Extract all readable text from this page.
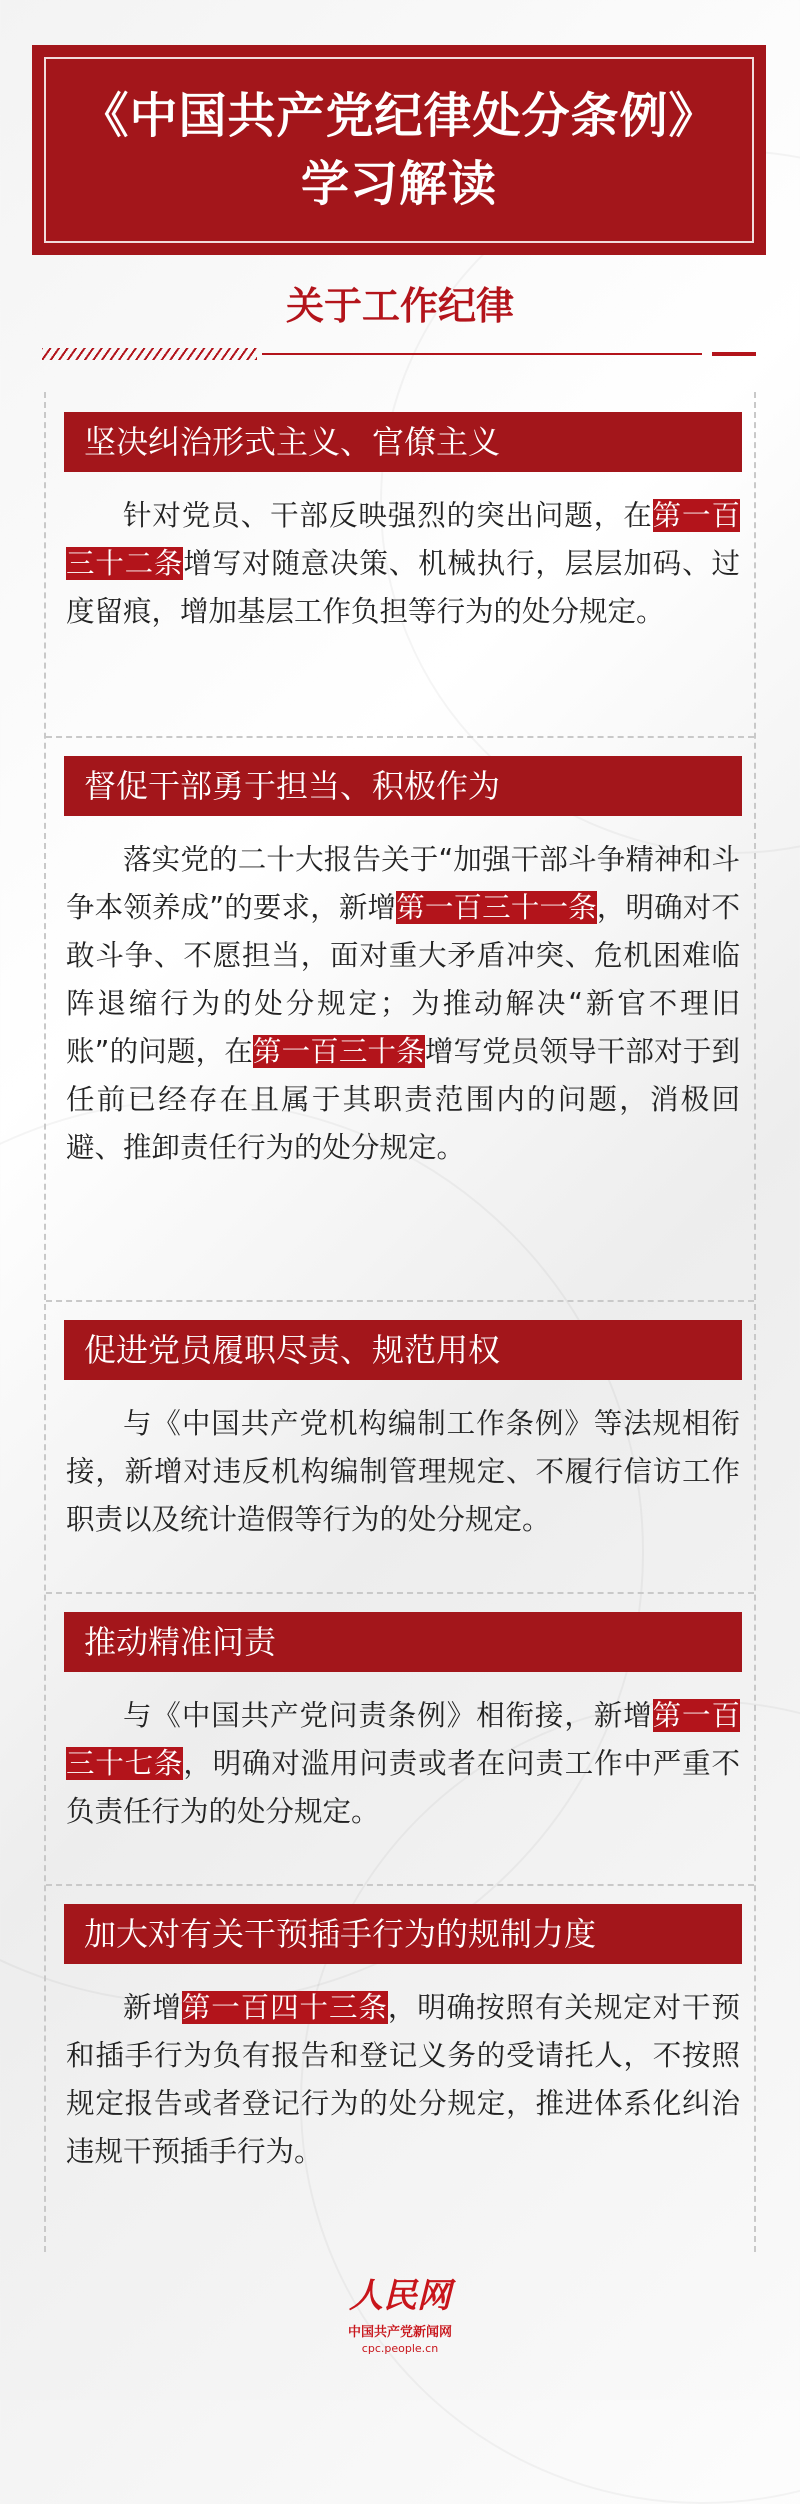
《中国共产党纪律处分条例》
学习解读
关于工作纪律
坚决纠治形式主义、官僚主义
针对党员、干部反映强烈的突出问题，在第一百三十二条增写对随意决策、机械执行，层层加码、过度留痕，增加基层工作负担等行为的处分规定。
督促干部勇于担当、积极作为
落实党的二十大报告关于“加强干部斗争精神和斗争本领养成”的要求，新增第一百三十一条，明确对不敢斗争、不愿担当，面对重大矛盾冲突、危机困难临阵退缩行为的处分规定；为推动解决“新官不理旧账”的问题，在第一百三十条增写党员领导干部对于到任前已经存在且属于其职责范围内的问题，消极回避、推卸责任行为的处分规定。
促进党员履职尽责、规范用权
与《中国共产党机构编制工作条例》等法规相衔接，新增对违反机构编制管理规定、不履行信访工作职责以及统计造假等行为的处分规定。
推动精准问责
与《中国共产党问责条例》相衔接，新增第一百三十七条，明确对滥用问责或者在问责工作中严重不负责任行为的处分规定。
加大对有关干预插手行为的规制力度
新增第一百四十三条，明确按照有关规定对干预和插手行为负有报告和登记义务的受请托人，不按照规定报告或者登记行为的处分规定，推进体系化纠治违规干预插手行为。
人民网
中国共产党新闻网
cpc.people.cn
